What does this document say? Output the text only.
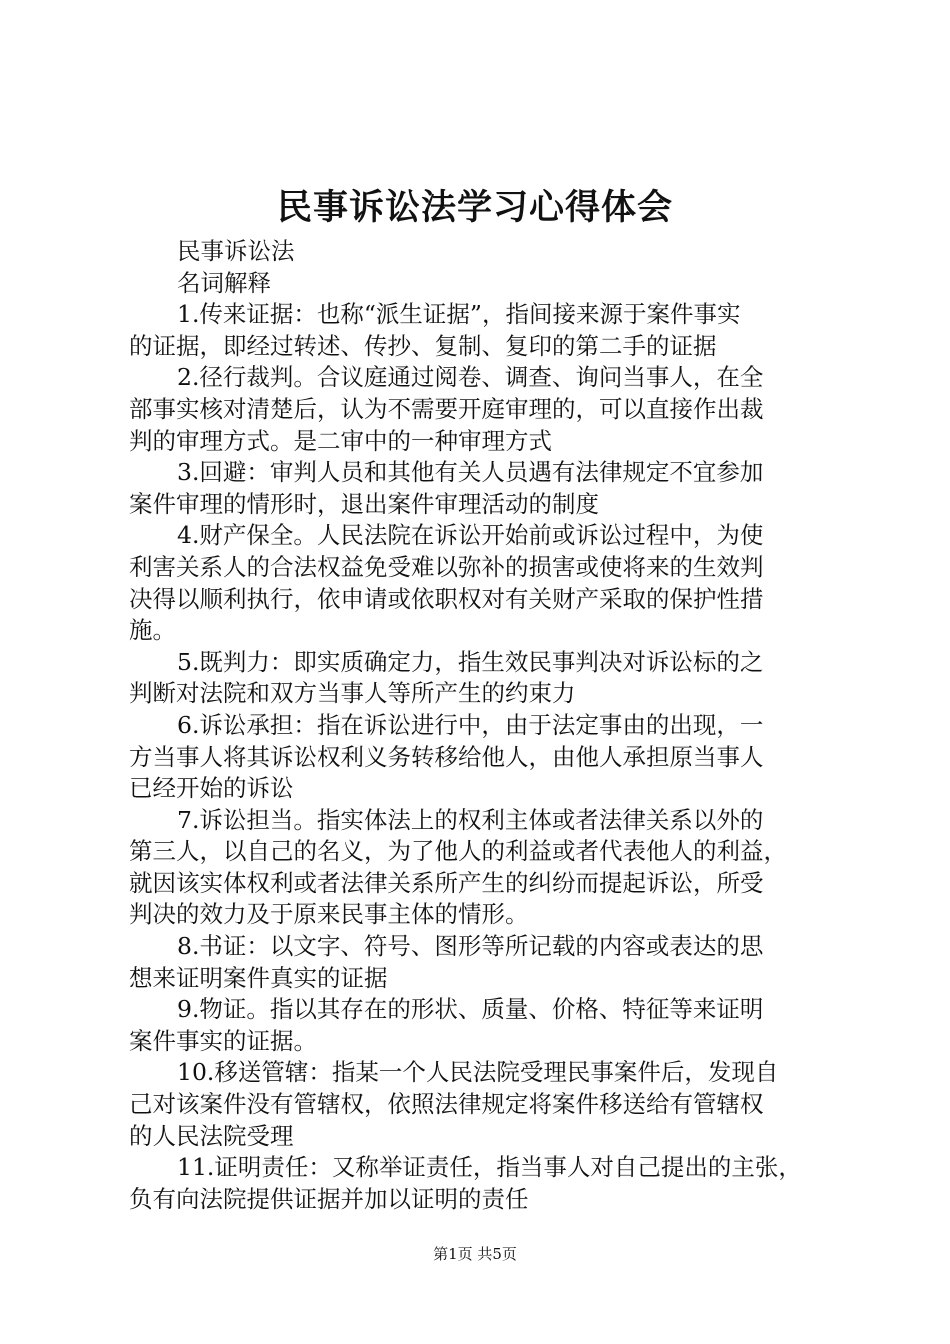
民事诉讼法学习心得体会
民事诉讼法
名词解释
1.传来证据：也称“派生证据”，指间接来源于案件事实
的证据，即经过转述、传抄、复制、复印的第二手的证据
2.径行裁判。合议庭通过阅卷、调查、询问当事人，在全
部事实核对清楚后，认为不需要开庭审理的，可以直接作出裁
判的审理方式。是二审中的一种审理方式
3.回避：审判人员和其他有关人员遇有法律规定不宜参加
案件审理的情形时，退出案件审理活动的制度
4.财产保全。人民法院在诉讼开始前或诉讼过程中，为使
利害关系人的合法权益免受难以弥补的损害或使将来的生效判
决得以顺利执行，依申请或依职权对有关财产采取的保护性措
施。
5.既判力：即实质确定力，指生效民事判决对诉讼标的之
判断对法院和双方当事人等所产生的约束力
6.诉讼承担：指在诉讼进行中，由于法定事由的出现，一
方当事人将其诉讼权利义务转移给他人，由他人承担原当事人
已经开始的诉讼
7.诉讼担当。指实体法上的权利主体或者法律关系以外的
第三人，以自己的名义，为了他人的利益或者代表他人的利益，
就因该实体权利或者法律关系所产生的纠纷而提起诉讼，所受
判决的效力及于原来民事主体的情形。
8.书证：以文字、符号、图形等所记载的内容或表达的思
想来证明案件真实的证据
9.物证。指以其存在的形状、质量、价格、特征等来证明
案件事实的证据。
10.移送管辖：指某一个人民法院受理民事案件后，发现自
己对该案件没有管辖权，依照法律规定将案件移送给有管辖权
的人民法院受理
11.证明责任：又称举证责任，指当事人对自己提出的主张，
负有向法院提供证据并加以证明的责任
第1页 共5页
